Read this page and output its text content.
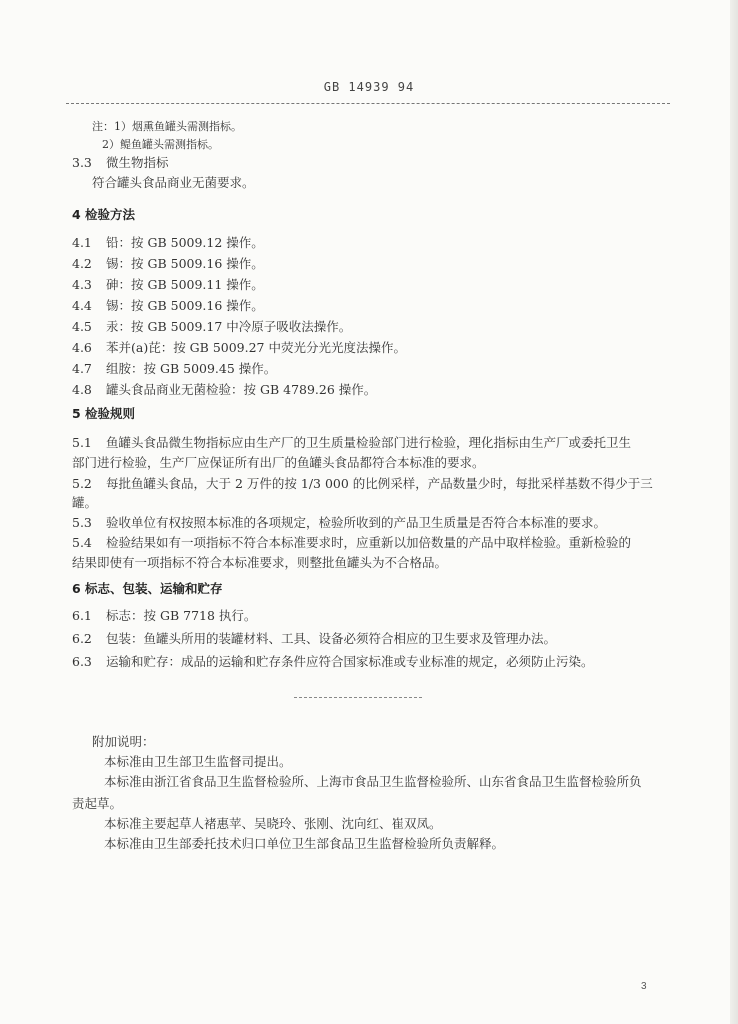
GB 14939 94
注：1）烟熏鱼罐头需测指标。
2）鳀鱼罐头需测指标。
3.3 微生物指标
符合罐头食品商业无菌要求。
4 检验方法
4.1 铅：按 GB 5009.12 操作。
4.2 锡：按 GB 5009.16 操作。
4.3 砷：按 GB 5009.11 操作。
4.4 锡：按 GB 5009.16 操作。
4.5 汞：按 GB 5009.17 中冷原子吸收法操作。
4.6 苯并(a)芘：按 GB 5009.27 中荧光分光光度法操作。
4.7 组胺：按 GB 5009.45 操作。
4.8 罐头食品商业无菌检验：按 GB 4789.26 操作。
5 检验规则
5.1 鱼罐头食品微生物指标应由生产厂的卫生质量检验部门进行检验，理化指标由生产厂或委托卫生
部门进行检验，生产厂应保证所有出厂的鱼罐头食品都符合本标准的要求。
5.2 每批鱼罐头食品，大于 2 万件的按 1/3 000 的比例采样，产品数量少时，每批采样基数不得少于三
罐。
5.3 验收单位有权按照本标准的各项规定，检验所收到的产品卫生质量是否符合本标准的要求。
5.4 检验结果如有一项指标不符合本标准要求时，应重新以加倍数量的产品中取样检验。重新检验的
结果即使有一项指标不符合本标准要求，则整批鱼罐头为不合格品。
6 标志、包装、运输和贮存
6.1 标志：按 GB 7718 执行。
6.2 包装：鱼罐头所用的装罐材料、工具、设备必须符合相应的卫生要求及管理办法。
6.3 运输和贮存：成品的运输和贮存条件应符合国家标准或专业标准的规定，必须防止污染。
附加说明：
本标准由卫生部卫生监督司提出。
本标准由浙江省食品卫生监督检验所、上海市食品卫生监督检验所、山东省食品卫生监督检验所负
责起草。
本标准主要起草人褚惠苹、吴晓玲、张刚、沈向红、崔双凤。
本标准由卫生部委托技术归口单位卫生部食品卫生监督检验所负责解释。
3
